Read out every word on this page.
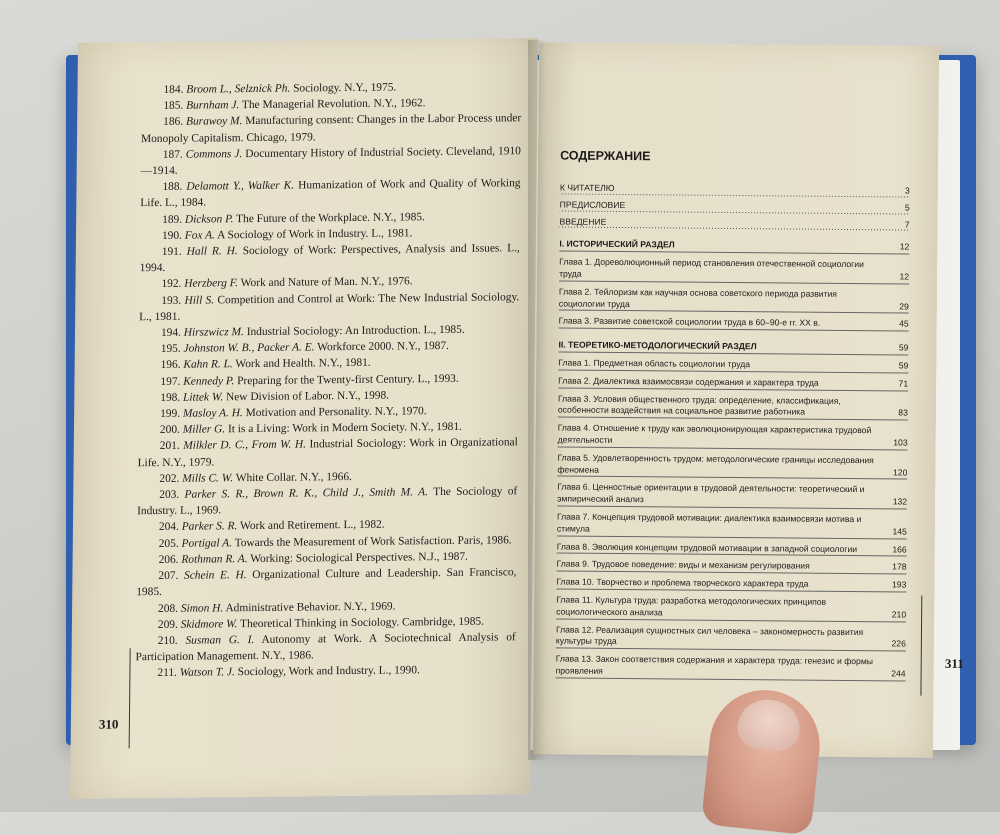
184. Broom L., Selznick Ph. Sociology. N.Y., 1975.

185. Burnham J. The Managerial Revolution. N.Y., 1962.

186. Burawoy M. Manufacturing consent: Changes in the Labor Process under Monopoly Capitalism. Chicago, 1979.

187. Commons J. Documentary History of Industrial Society. Cleveland, 1910—1914.

188. Delamott Y., Walker K. Humanization of Work and Quality of Working Life. L., 1984.

189. Dickson P. The Future of the Workplace. N.Y., 1985.

190. Fox A. A Sociology of Work in Industry. L., 1981.

191. Hall R. H. Sociology of Work: Perspectives, Analysis and Issues. L., 1994.

192. Herzberg F. Work and Nature of Man. N.Y., 1976.

193. Hill S. Competition and Control at Work: The New Industrial Sociology. L., 1981.

194. Hirszwicz M. Industrial Sociology: An Introduction. L., 1985.

195. Johnston W. B., Packer A. E. Workforce 2000. N.Y., 1987.

196. Kahn R. L. Work and Health. N.Y., 1981.

197. Kennedy P. Preparing for the Twenty-first Century. L., 1993.

198. Littek W. New Division of Labor. N.Y., 1998.

199. Masloy A. H. Motivation and Personality. N.Y., 1970.

200. Miller G. It is a Living: Work in Modern Society. N.Y., 1981.

201. Milkler D. C., From W. H. Industrial Sociology: Work in Organizational Life. N.Y., 1979.

202. Mills C. W. White Collar. N.Y., 1966.

203. Parker S. R., Brown R. K., Child J., Smith M. A. The Sociology of Industry. L., 1969.

204. Parker S. R. Work and Retirement. L., 1982.

205. Portigal A. Towards the Measurement of Work Satisfaction. Paris, 1986.

206. Rothman R. A. Working: Sociological Perspectives. N.J., 1987.

207. Schein E. H. Organizational Culture and Leadership. San Francisco, 1985.

208. Simon H. Administrative Behavior. N.Y., 1969.

209. Skidmore W. Theoretical Thinking in Sociology. Cambridge, 1985.

210. Susman G. I. Autonomy at Work. A Sociotechnical Analysis of Participation Management. N.Y., 1986.

211. Watson T. J. Sociology, Work and Industry. L., 1990.

310
СОДЕРЖАНИЕ
К ЧИТАТЕЛЮ	3
ПРЕДИСЛОВИЕ	5
ВВЕДЕНИЕ	7
I. ИСТОРИЧЕСКИЙ РАЗДЕЛ	12
Глава 1. Дореволюционный период становления отечественной социологии труда	12
Глава 2. Тейлоризм как научная основа советского периода развития социологии труда	29
Глава 3. Развитие советской социологии труда в 60–90-е гг. XX в.	45
II. ТЕОРЕТИКО-МЕТОДОЛОГИЧЕСКИЙ РАЗДЕЛ	59
Глава 1. Предметная область социологии труда	59
Глава 2. Диалектика взаимосвязи содержания и характера труда	71
Глава 3. Условия общественного труда: определение, классификация, особенности воздействия на социальное развитие работника	83
Глава 4. Отношение к труду как эволюционирующая характеристика трудовой деятельности	103
Глава 5. Удовлетворенность трудом: методологические границы исследования феномена	120
Глава 6. Ценностные ориентации в трудовой деятельности: теоретический и эмпирический анализ	132
Глава 7. Концепция трудовой мотивации: диалектика взаимосвязи мотива и стимула	145
Глава 8. Эволюция концепции трудовой мотивации в западной социологии	166
Глава 9. Трудовое поведение: виды и механизм регулирования	178
Глава 10. Творчество и проблема творческого характера труда	193
Глава 11. Культура труда: разработка методологических принципов социологического анализа	210
Глава 12. Реализация сущностных сил человека – закономерность развития культуры труда	226
Глава 13. Закон соответствия содержания и характера труда: генезис и формы проявления	244
311
